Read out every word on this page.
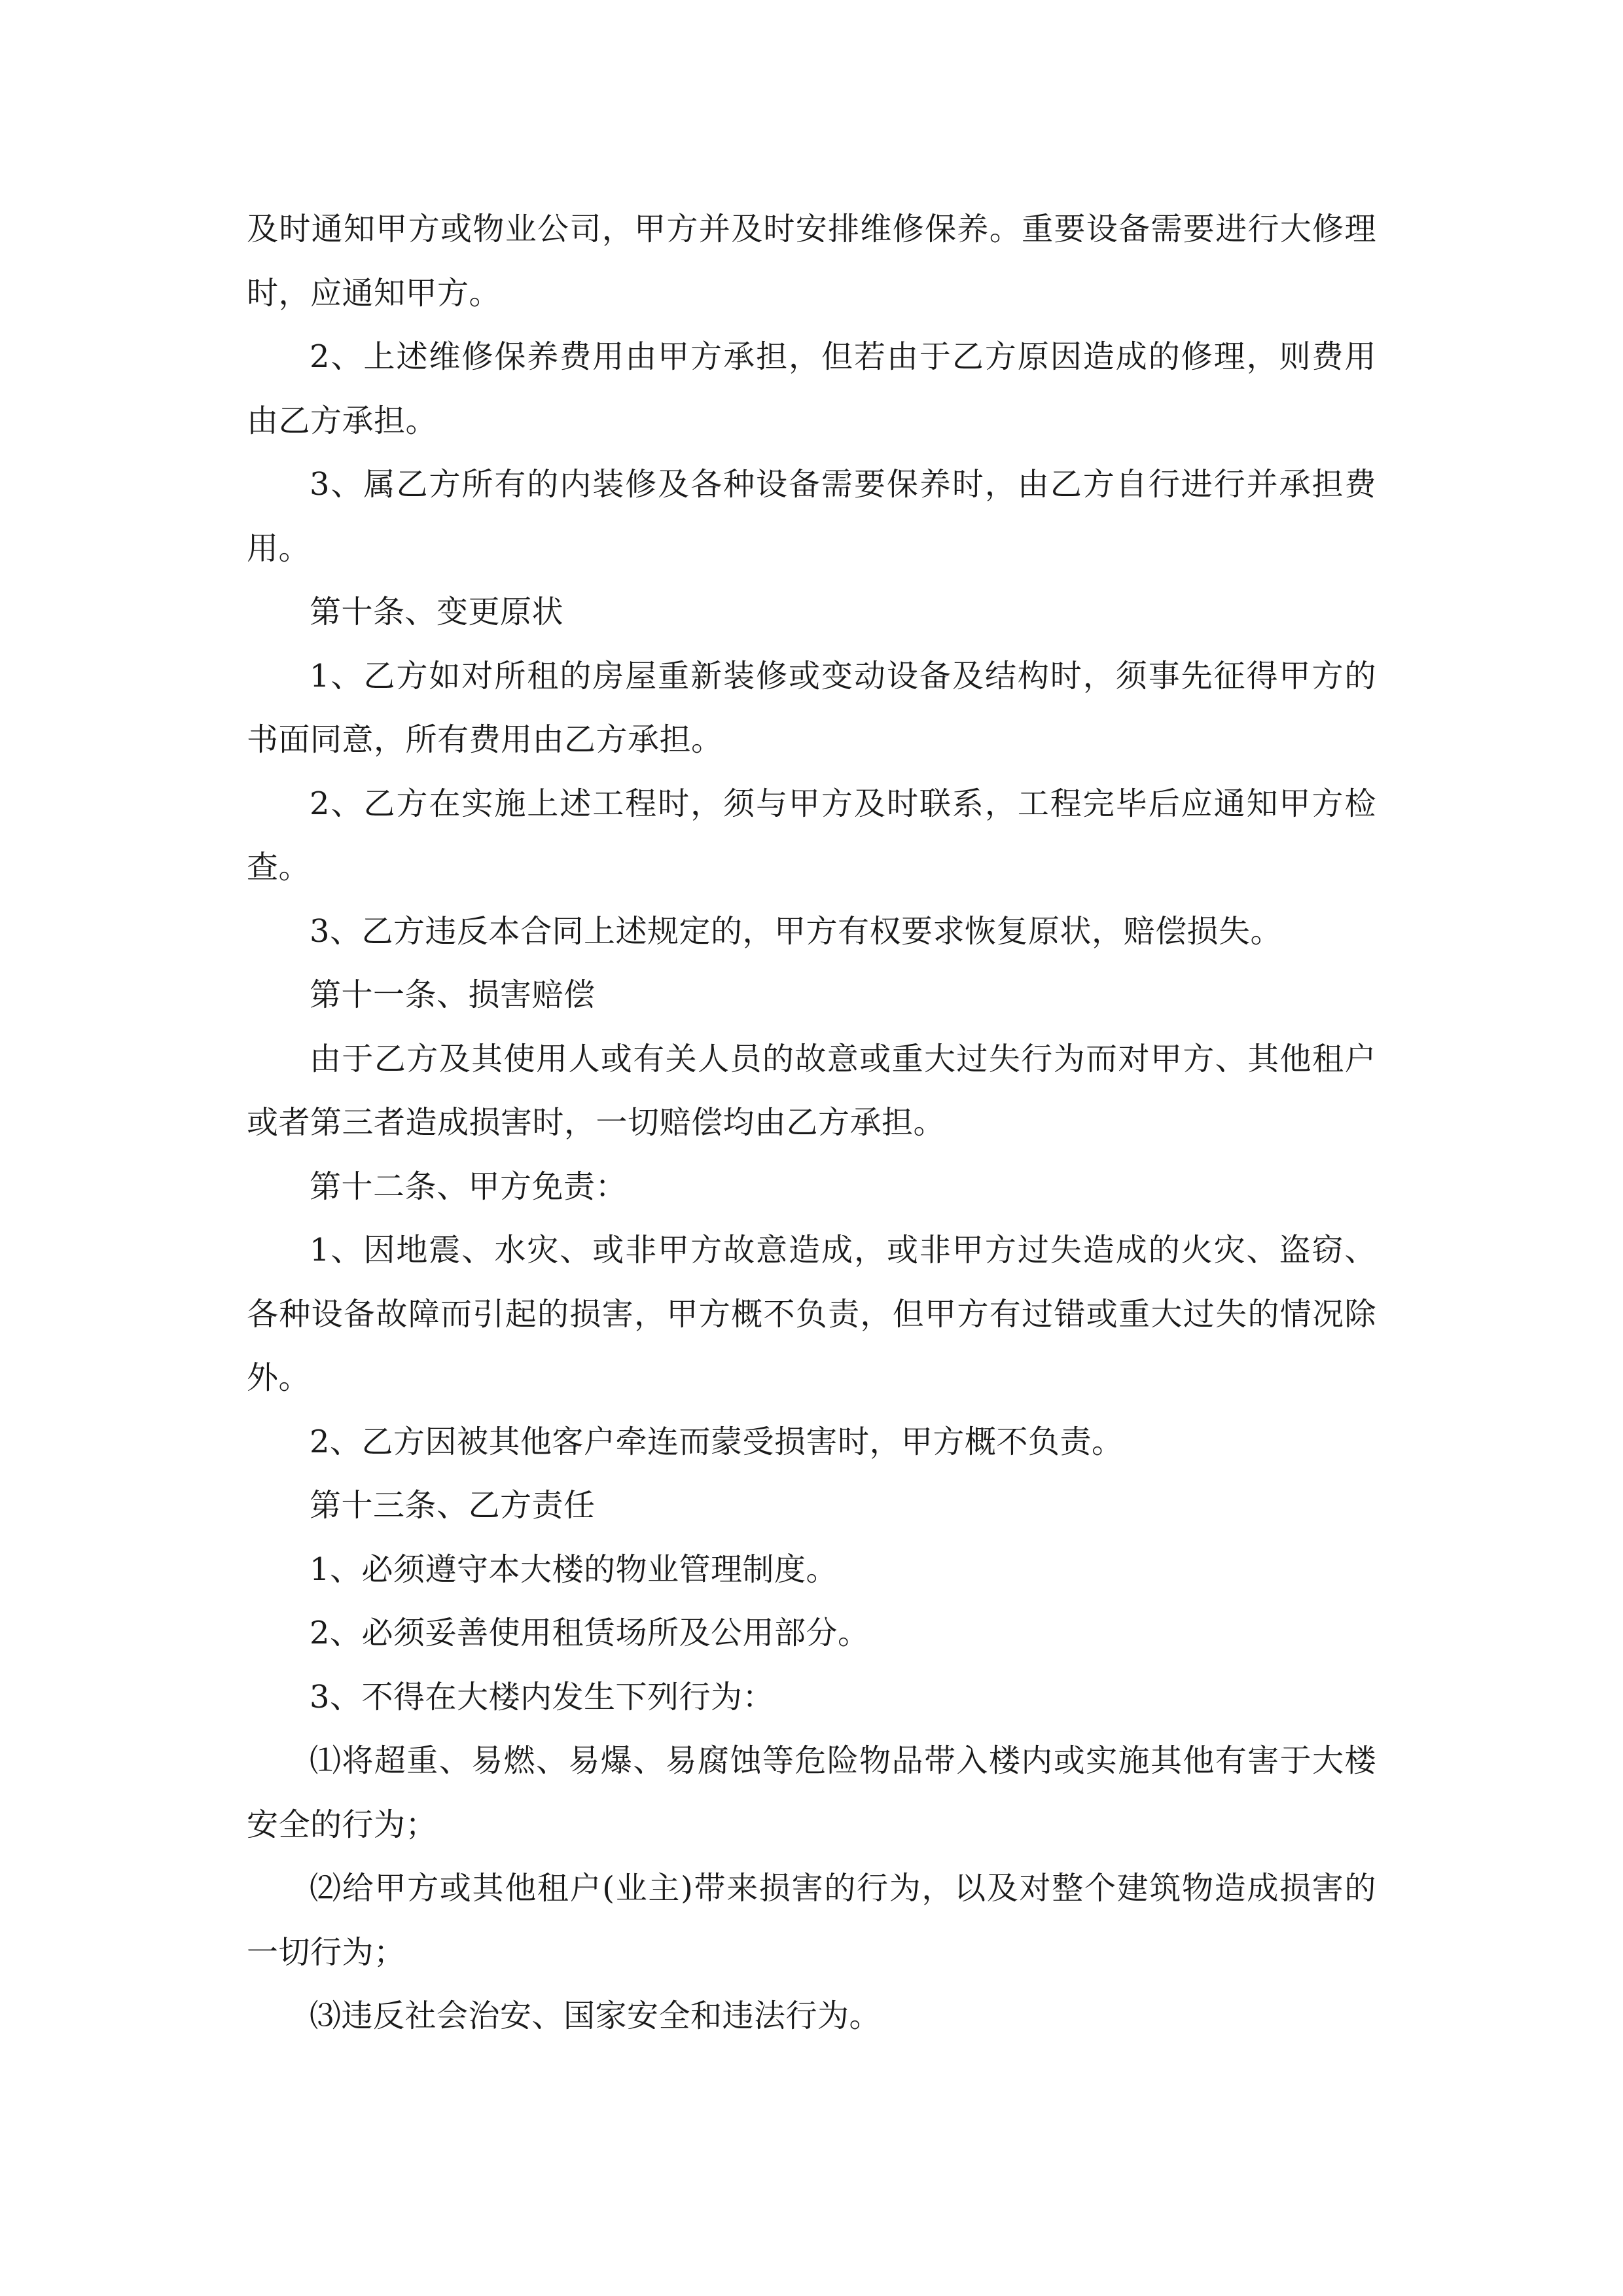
及时通知甲方或物业公司，甲方并及时安排维修保养。重要设备需要进行大修理时，应通知甲方。

2、上述维修保养费用由甲方承担，但若由于乙方原因造成的修理，则费用由乙方承担。

3、属乙方所有的内装修及各种设备需要保养时，由乙方自行进行并承担费用。

第十条、变更原状

1、乙方如对所租的房屋重新装修或变动设备及结构时，须事先征得甲方的书面同意，所有费用由乙方承担。

2、乙方在实施上述工程时，须与甲方及时联系，工程完毕后应通知甲方检查。

3、乙方违反本合同上述规定的，甲方有权要求恢复原状，赔偿损失。

第十一条、损害赔偿

由于乙方及其使用人或有关人员的故意或重大过失行为而对甲方、其他租户或者第三者造成损害时，一切赔偿均由乙方承担。

第十二条、甲方免责：

1、因地震、水灾、或非甲方故意造成，或非甲方过失造成的火灾、盗窃、各种设备故障而引起的损害，甲方概不负责，但甲方有过错或重大过失的情况除外。

2、乙方因被其他客户牵连而蒙受损害时，甲方概不负责。

第十三条、乙方责任

1、必须遵守本大楼的物业管理制度。

2、必须妥善使用租赁场所及公用部分。

3、不得在大楼内发生下列行为：

⑴将超重、易燃、易爆、易腐蚀等危险物品带入楼内或实施其他有害于大楼安全的行为；

⑵给甲方或其他租户(业主)带来损害的行为，以及对整个建筑物造成损害的一切行为；

⑶违反社会治安、国家安全和违法行为。
